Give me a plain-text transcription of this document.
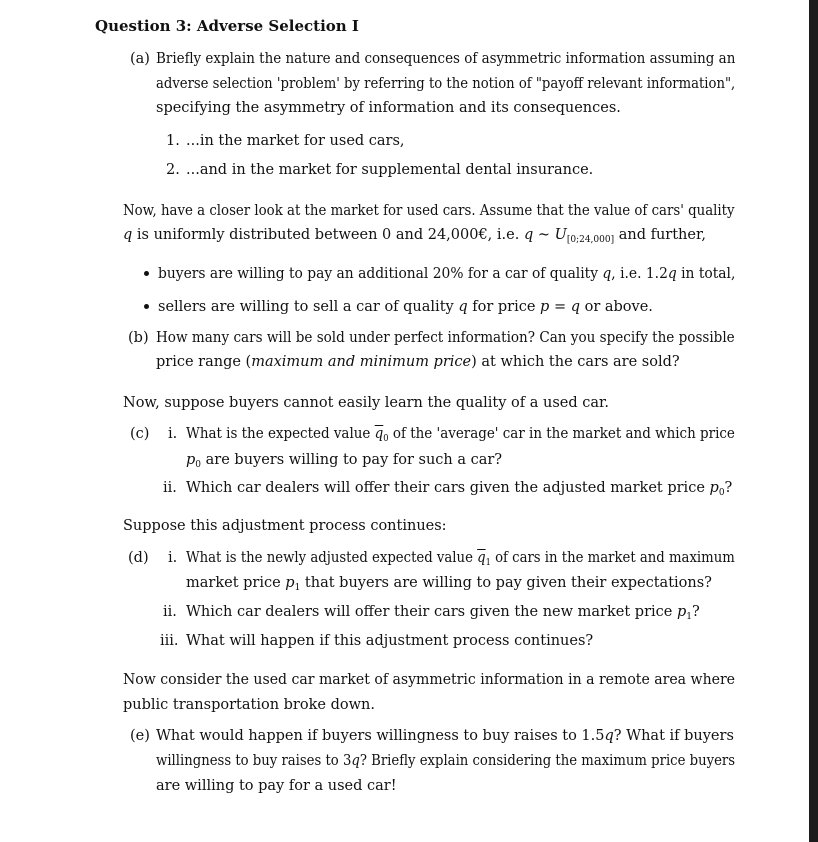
Question 3: Adverse Selection I
(a) Briefly explain the nature and consequences of asymmetric information assuming an
adverse selection 'problem' by referring to the notion of "payoff relevant information",
specifying the asymmetry of information and its consequences.
1. ...in the market for used cars,
2. ...and in the market for supplemental dental insurance.
Now, have a closer look at the market for used cars. Assume that the value of cars' quality
q is uniformly distributed between 0 and 24,000€, i.e. q ~ $U_{[0;24,000]}$ and further,
buyers are willing to pay an additional 20% for a car of quality q, i.e. 1.2q in total,
sellers are willing to sell a car of quality q for price p = q or above.
(b) How many cars will be sold under perfect information? Can you specify the possible
price range (maximum and minimum price) at which the cars are sold?
Now, suppose buyers cannot easily learn the quality of a used car.
(c) i. What is the expected value $\overline{q}_0$ of the 'average' car in the market and which price
$p_0$ are buyers willing to pay for such a car?
ii. Which car dealers will offer their cars given the adjusted market price $p_0$?
Suppose this adjustment process continues:
(d) i. What is the newly adjusted expected value $\overline{q}_1$ of cars in the market and maximum
market price $p_1$ that buyers are willing to pay given their expectations?
ii. Which car dealers will offer their cars given the new market price $p_1$?
iii. What will happen if this adjustment process continues?
Now consider the used car market of asymmetric information in a remote area where
public transportation broke down.
(e) What would happen if buyers willingness to buy raises to 1.5q? What if buyers
willingness to buy raises to 3q? Briefly explain considering the maximum price buyers
are willing to pay for a used car!
